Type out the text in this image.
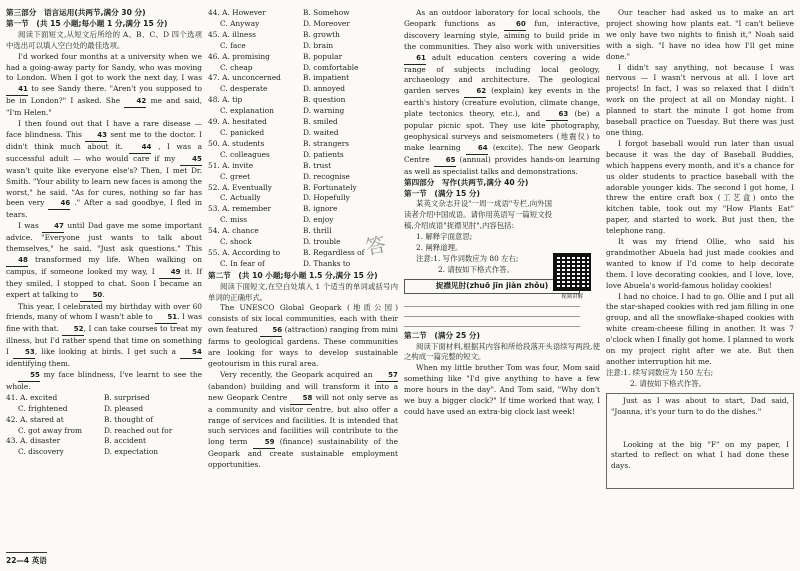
第三部分　语言运用(共两节,满分 30 分)
第一节　(共 15 小题;每小题 1 分,满分 15 分)

阅读下面短文,从短文后所给的 A、B、C、D 四个选项中选出可以填入空白处的最佳选项。

I'd worked four months at a university when we had a going-away party for Sandy, who was moving to London. When I got to work the next day, I was 41 to see Sandy there. "Aren't you supposed to be in London?" I asked. She 42 me and said, "I'm Helen."

I then found out that I have a rare disease — face blindness. This 43 sent me to the doctor. I didn't think much about it.	44 , I was a successful adult — who would care if my 45 wasn't quite like everyone else's? Then, I met Dr. Smith. "Your ability to learn new faces is among the worst," he said. "As for cures, nothing so far has been very 46 ." After a sad goodbye, I fled in tears.

I was 47 until Dad gave me some important advice. "Everyone just wants to talk about themselves," he said. "Just ask questions." This 48 transformed my life. When walking on campus, if someone looked my way, I 49 it. If they smiled, I stopped to chat. Soon I became an expert at talking to 50.

This year, I celebrated my birthday with over 60 friends, many of whom I wasn't able to 51. I was fine with that. 52, I can take courses to treat my illness, but I'd rather spend that time on something I 53, like looking at birds. I get such a 54 identifying them.

55 my face blindness, I've learnt to see the whole.

41. A. excited	B. surprised
C. frightened	D. pleased
42. A. stared at	B. thought of
C. got away from	D. reached out for
43. A. disaster	B. accident
C. discovery	D. expectation
44. A. However	B. Somehow
C. Anyway	D. Moreover
45. A. illness	B. growth
C. face	D. brain
46. A. promising	B. popular
C. cheap	D. comfortable
47. A. unconcerned	B. impatient
C. desperate	D. annoyed
48. A. tip	B. question
C. explanation	D. warning
49. A. hesitated	B. smiled
C. panicked	D. waited
50. A. students	B. strangers
C. colleagues	D. patients
51. A. invite	B. trust
C. greet	D. recognise
52. A. Eventually	B. Fortunately
C. Actually	D. Hopefully
53. A. remember	B. ignore
C. miss	D. enjoy
54. A. chance	B. thrill
C. shock	D. trouble
55. A. According to	B. Regardless of
C. In fear of	D. Thanks to
第二节　(共 10 小题;每小题 1.5 分,满分 15 分)

阅读下面短文,在空白处填入 1 个适当的单词或括号内单词的正确形式。

The UNESCO Global Geopark (地质公园) consists of six local communities, each with their own featured 56 (attraction) ranging from mini farms to geological gardens. These communities are looking for ways to develop sustainable geotourism in this rural area.

Very recently, the Geopark acquired an 57 (abandon) building and will transform it into a new Geopark Centre 58 will not only serve as a community and visitor centre, but also offer a range of services and facilities. It is intended that such services and facilities will contribute to the long term 59 (finance) sustainability of the Geopark and create sustainable employment opportunities.

As an outdoor laboratory for local schools, the Geopark functions as	60 fun, interactive, discovery learning style, aiming to build pride in the communities. They also work with universities 61 adult education centers covering a wide range of subjects including local geology, archaeology and architecture. The geological garden serves 62 (explain) key events in the earth's history (creature evolution, climate change, plate tectonics theory, etc.), and	63 (be) a popular picnic spot. They use kite photography, geophysical surveys and seismometers (地震仪) to make learning 64 (excite). The new Geopark Centre 65 (annual) provides hands-on learning as well as specialist talks and demonstrations.

第四部分　写作(共两节,满分 40 分)
第一节　(满分 15 分)

某英文杂志开设"一周一成语"专栏,向外国读者介绍中国成语。请你用英语写一篇短文投稿,介绍成语"捉襟见肘",内容包括:

1. 解释字面意思;
2. 阐释道理。
注意:1. 写作词数应为 80 左右;
2. 请按如下格式作答。
捉襟见肘(zhuō jīn jiàn zhǒu)
第二节　(满分 25 分)

阅读下面材料,根据其内容和所给段落开头语续写两段,使之构成一篇完整的短文。

When my little brother Tom was four, Mom said something like "I'd give anything to have a few more hours in the day". And Tom said, "Why don't we buy a bigger clock?" If time worked that way, I could have used an extra-big clock last week!

视频讲解
答

Our teacher had asked us to make an art project showing how plants eat. "I can't believe we only have two nights to finish it," Noah said with a sigh. "I have no idea how I'll get mine done."

I didn't say anything, not because I was nervous — I wasn't nervous at all. I love art projects! In fact, I was so relaxed that I didn't work on the project at all on Monday night. I planned to start the minute I got home from baseball practice on Tuesday. But there was just one thing.

I forgot baseball would run later than usual because it was the day of Baseball Buddies, which happens every month, and it's a chance for us older students to practice baseball with the adorable younger kids. The second I got home, I threw the entire craft box (工艺盒) onto the kitchen table, took out my "How Plants Eat" paper, and started to work. But just then, the telephone rang.

It was my friend Ollie, who said his grandmother Abuela had just made cookies and wanted to know if I'd come to help decorate them. I love decorating cookies, and I love, love, love Abuela's world-famous holiday cookies!

I had no choice. I had to go. Ollie and I put all the star-shaped cookies with red jam filling in one group, and all the snowflake-shaped cookies with white cream-cheese filling in another. It was 7 o'clock when I finally got home. I planned to work on my project right after we ate. But then another interruption hit me.

注意:1. 续写词数应为 150 左右;
2. 请按如下格式作答。

Just as I was about to start, Dad said, "Joanna, it's your turn to do the dishes."

Looking at the big "F" on my paper, I started to reflect on what I had done these days.

22—4 英语
